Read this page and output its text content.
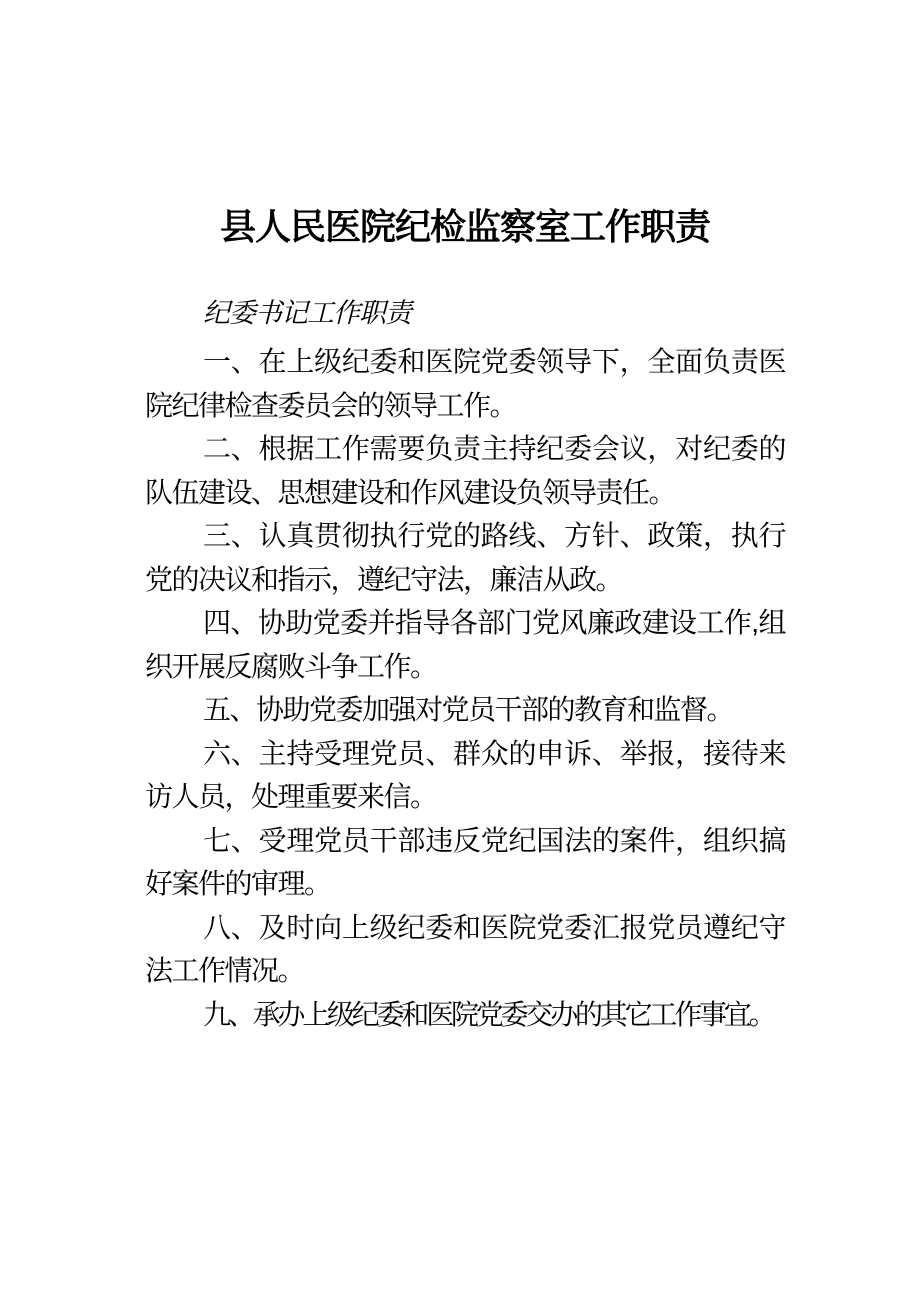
县人民医院纪检监察室工作职责
纪委书记工作职责

一、在上级纪委和医院党委领导下，全面负责医院纪律检查委员会的领导工作。

二、根据工作需要负责主持纪委会议，对纪委的队伍建设、思想建设和作风建设负领导责任。

三、认真贯彻执行党的路线、方针、政策，执行党的决议和指示，遵纪守法，廉洁从政。

四、协助党委并指导各部门党风廉政建设工作,组织开展反腐败斗争工作。

五、协助党委加强对党员干部的教育和监督。

六、主持受理党员、群众的申诉、举报，接待来访人员，处理重要来信。

七、受理党员干部违反党纪国法的案件，组织搞好案件的审理。

八、及时向上级纪委和医院党委汇报党员遵纪守法工作情况。

九、承办上级纪委和医院党委交办的其它工作事宜。
